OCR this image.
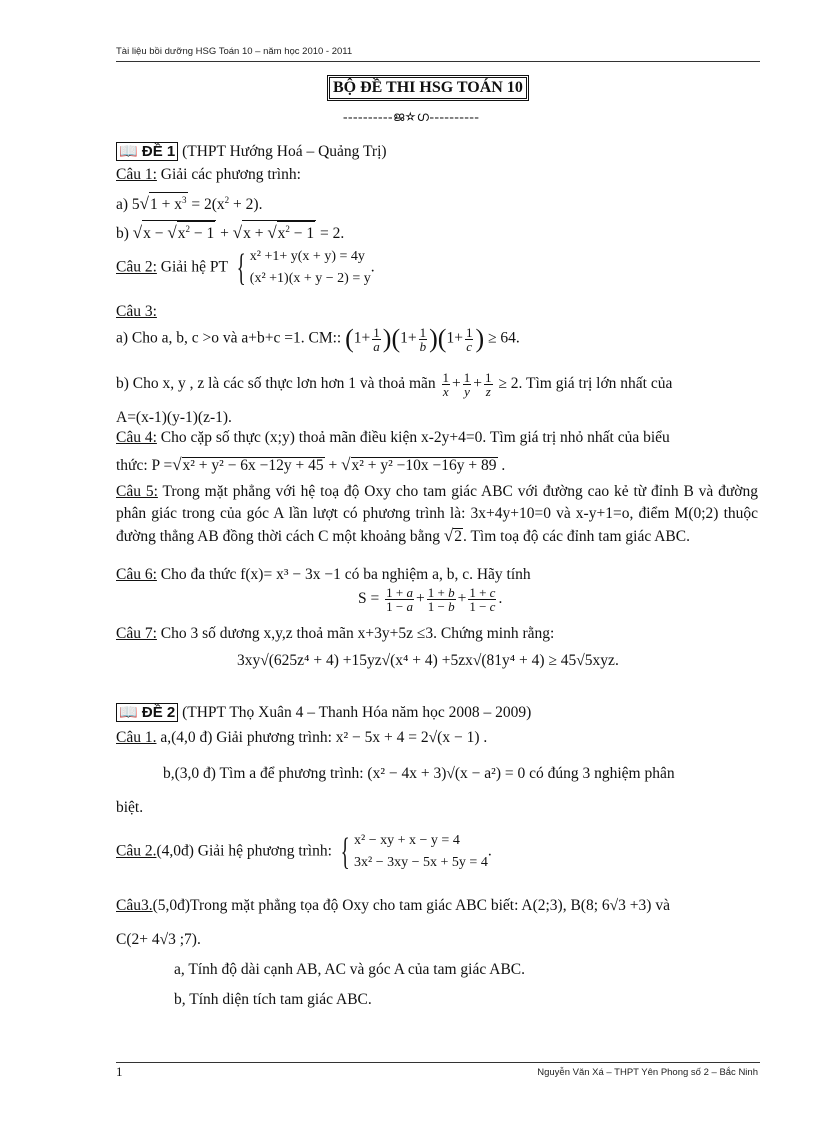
Tài liệu bồi dưỡng HSG Toán 10 – năm học 2010 - 2011
BỘ ĐỀ THI HSG TOÁN 10
----------ജ✫ഗ----------
📖 ĐỀ 1 (THPT Hướng Hoá – Quảng Trị)
Câu 1: Giải các phương trình:
a) $5√1 + x^3 = 2(x^2 + 2)$.
b) $√x - √x^2 - 1 + √x + √x^2 - 1 = 2$.
Câu 2: Giải hệ PT { x² +1+ y(x + y) = 4y
(x² +1)(x + y − 2) = y
.
Câu 3:
a) Cho a, b, c >o và a+b+c =1. CM:: $(1+ \frac{1}{a} )(1+ \frac{1}{b} )(1+ \frac{1}{c}$ ) ≥ 64.
b) Cho x, y , z là các số thực lơn hơn 1 và thoả mãn $\frac{1}{x} + \frac{1}{y} + \frac{1}{z} \ge 2$. Tìm giá trị lớn nhất của
A=(x-1)(y-1)(z-1).
Câu 4: Cho cặp số thực (x;y) thoả mãn điều kiện x-2y+4=0. Tìm giá trị nhỏ nhất của biểu
thức: P =√x² + y² − 6x −12y + 45 + √x² + y² −10x −16y + 89 .
Câu 5: Trong mặt phẳng với hệ toạ độ Oxy cho tam giác ABC với đường cao kẻ từ đỉnh B và đường phân giác trong của góc A lần lượt có phương trình là: 3x+4y+10=0 và x-y+1=o, điểm M(0;2) thuộc đường thẳng AB đồng thời cách C một khoảng bằng √2. Tìm toạ độ các đỉnh tam giác ABC.
Câu 6: Cho đa thức f(x)= x³ − 3x −1 có ba nghiệm a, b, c. Hãy tính
$S = \frac{1 + a}{1 - a} + \frac{1 + b}{1 - b} + \frac{1 + c}{1 - c}$ .
Câu 7: Cho 3 số dương x,y,z thoả mãn x+3y+5z ≤3. Chứng minh rằng:
3xy√(625z⁴ + 4) +15yz√(x⁴ + 4) +5zx√(81y⁴ + 4) ≥ 45√5xyz.
📖 ĐỀ 2 (THPT Thọ Xuân 4 – Thanh Hóa năm học 2008 – 2009)
Câu 1. a,(4,0 đ) Giải phương trình: x² − 5x + 4 = 2√(x − 1) .
b,(3,0 đ) Tìm a để phương trình: (x² − 4x + 3)√(x − a²) = 0 có đúng 3 nghiệm phân
biệt.
Câu 2.(4,0đ) Giải hệ phương trình: { x² − xy + x − y = 4
3x² − 3xy − 5x + 5y = 4
.
Câu3.(5,0đ)Trong mặt phẳng tọa độ Oxy cho tam giác ABC biết: A(2;3), B(8; 6√3 +3) và
C(2+ 4√3 ;7).
a, Tính độ dài cạnh AB, AC và góc A của tam giác ABC.
b, Tính diện tích tam giác ABC.
1	Nguyễn Văn Xá – THPT Yên Phong số 2 – Bắc Ninh
